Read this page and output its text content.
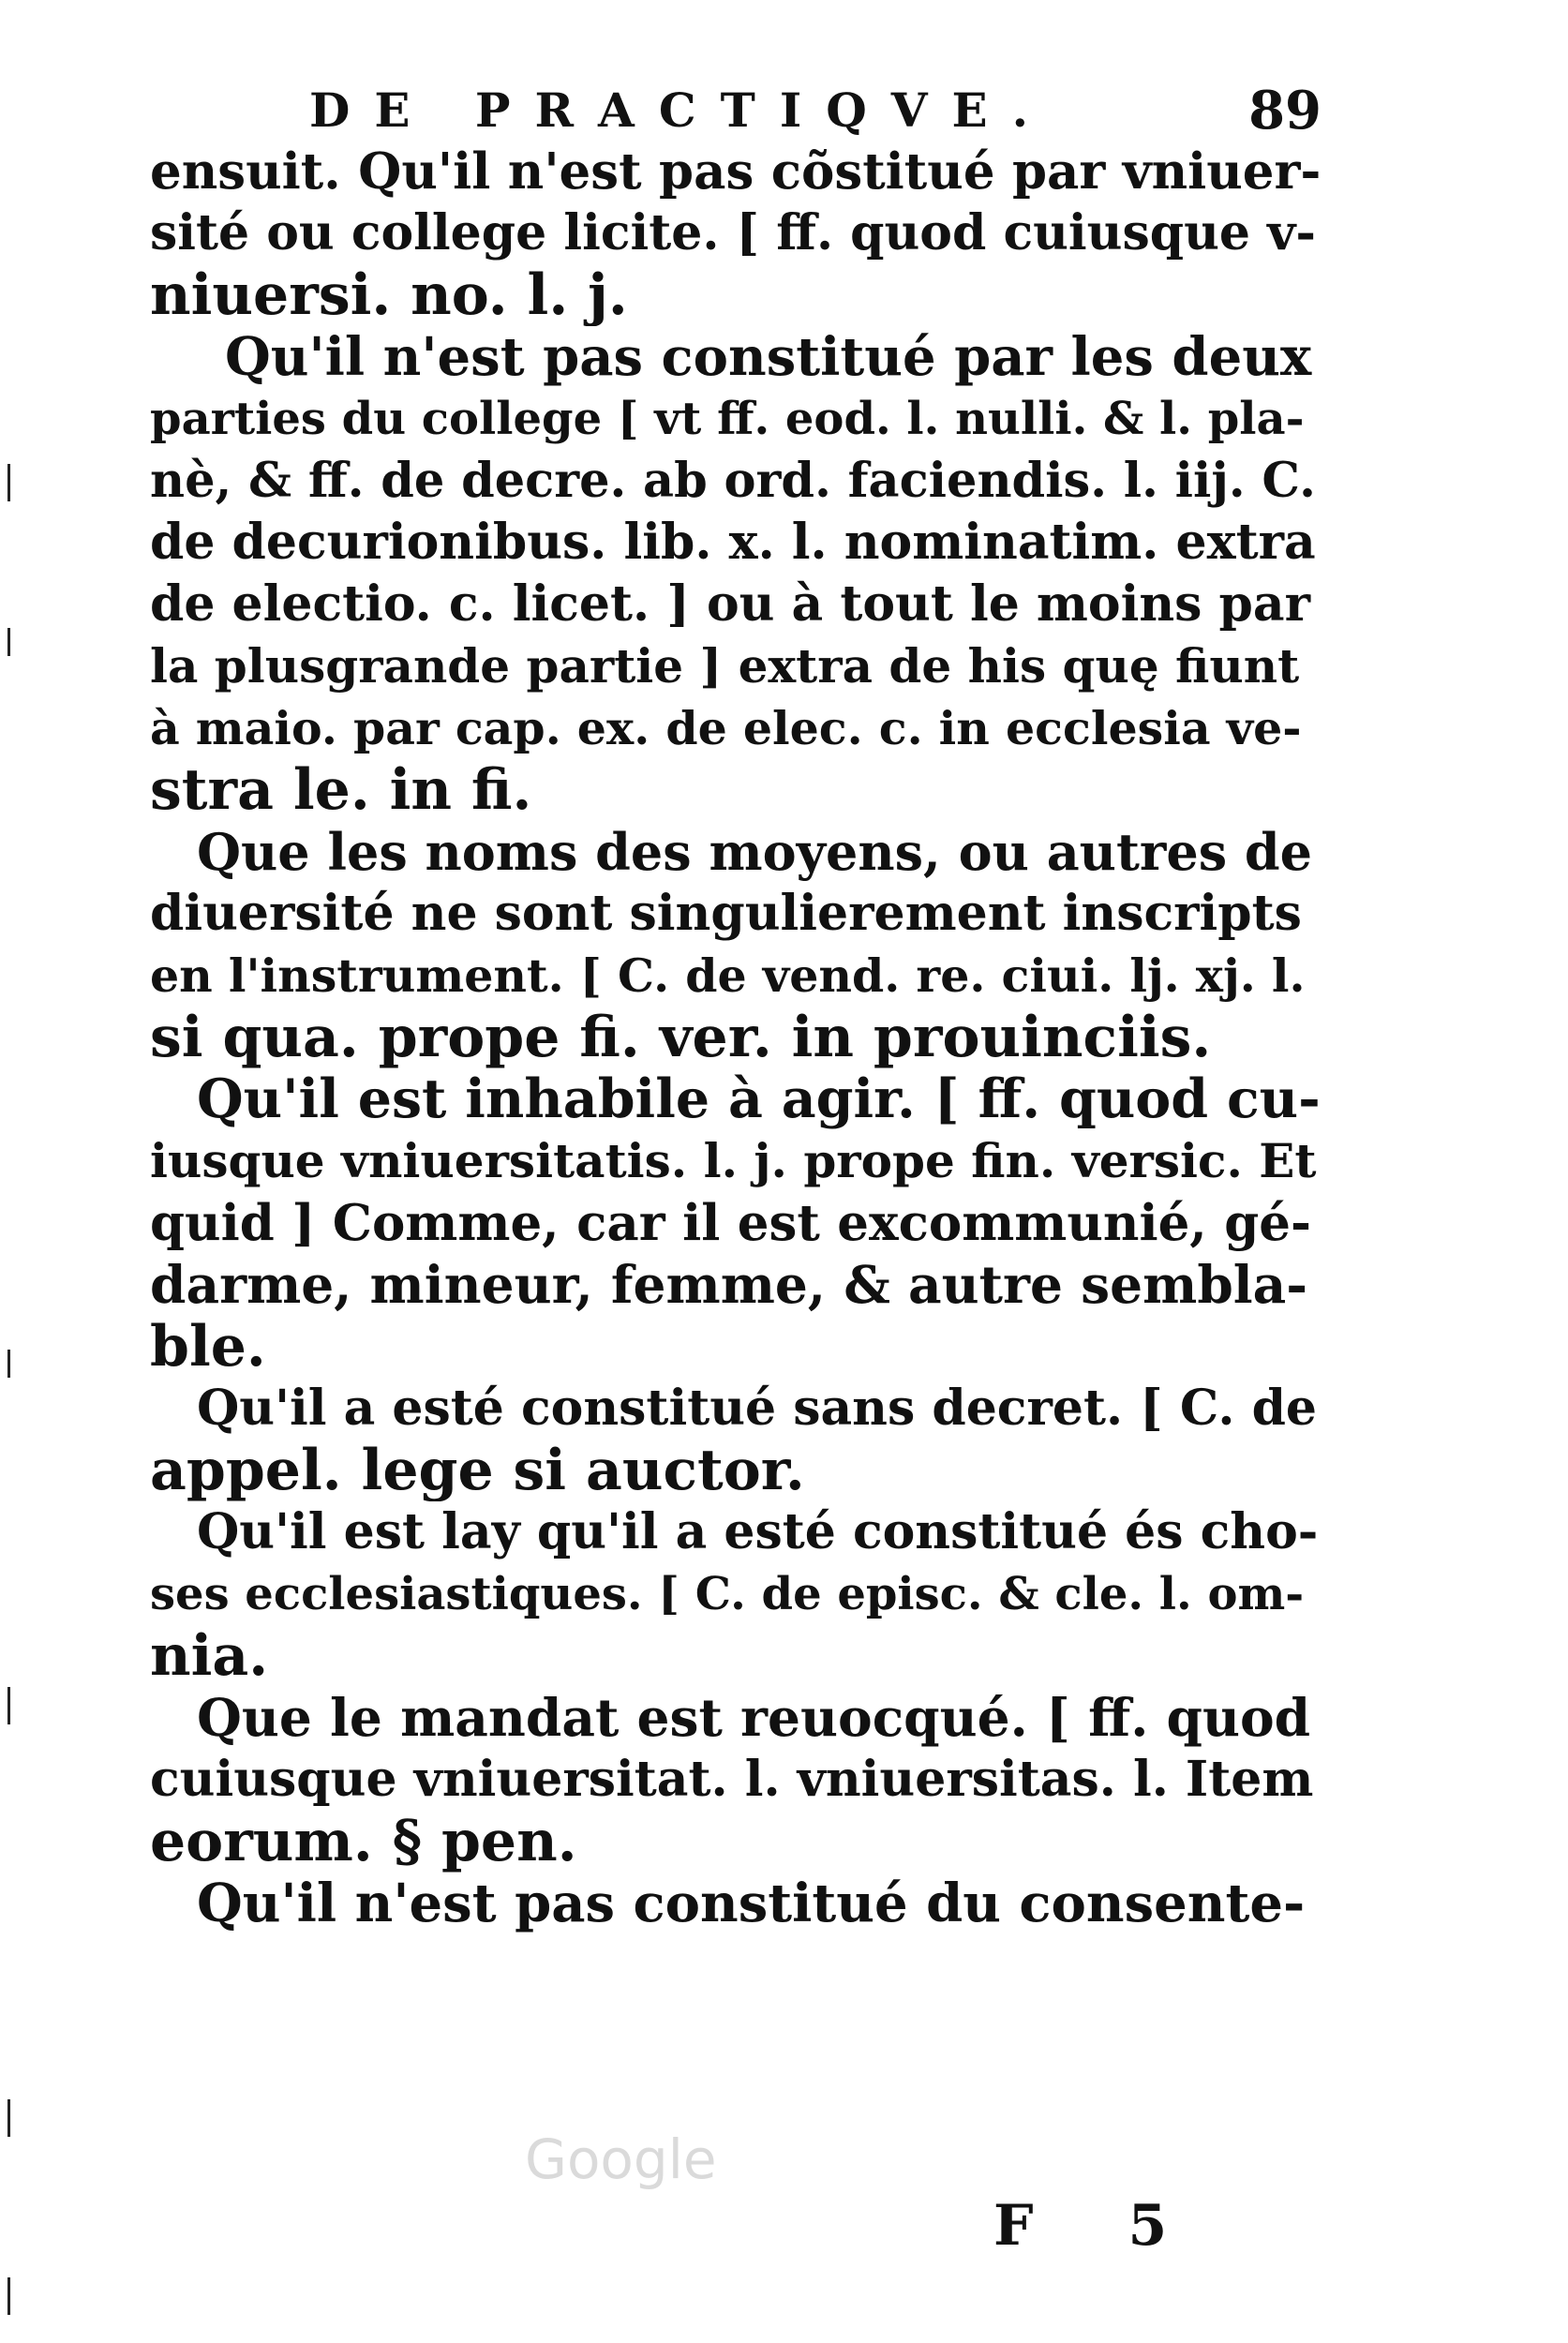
DE PRACTIQVE.	89
ensuit. Qu'il n'est pas cõstitué par vniuer-
sité ou college licite. [ ff. quod cuiusque v-
niuersi. no. l. j.
Qu'il n'est pas constitué par les deux
parties du college [ vt ff. eod. l. nulli. & l. pla-
nè, & ff. de decre. ab ord. faciendis. l. iij. C.
de decurionibus. lib. x. l. nominatim. extra
de electio. c. licet. ] ou à tout le moins par
la plusgrande partie ] extra de his quę fiunt
à maio. par cap. ex. de elec. c. in ecclesia ve-
stra le. in fi.
Que les noms des moyens, ou autres de
diuersité ne sont singulierement inscripts
en l'instrument. [ C. de vend. re. ciui. lj. xj. l.
si qua. prope fi. ver. in prouinciis.
Qu'il est inhabile à agir. [ ff. quod cu-
iusque vniuersitatis. l. j. prope fin. versic. Et
quid ] Comme, car il est excommunié, gé-
darme, mineur, femme, & autre sembla-
ble.
Qu'il a esté constitué sans decret. [ C. de
appel. lege si auctor.
Qu'il est lay qu'il a esté constitué és cho-
ses ecclesiastiques. [ C. de episc. & cle. l. om-
nia.
Que le mandat est reuocqué. [ ff. quod
cuiusque vniuersitat. l. vniuersitas. l. Item
eorum. § pen.
Qu'il n'est pas constitué du consente-
Google
F 5
